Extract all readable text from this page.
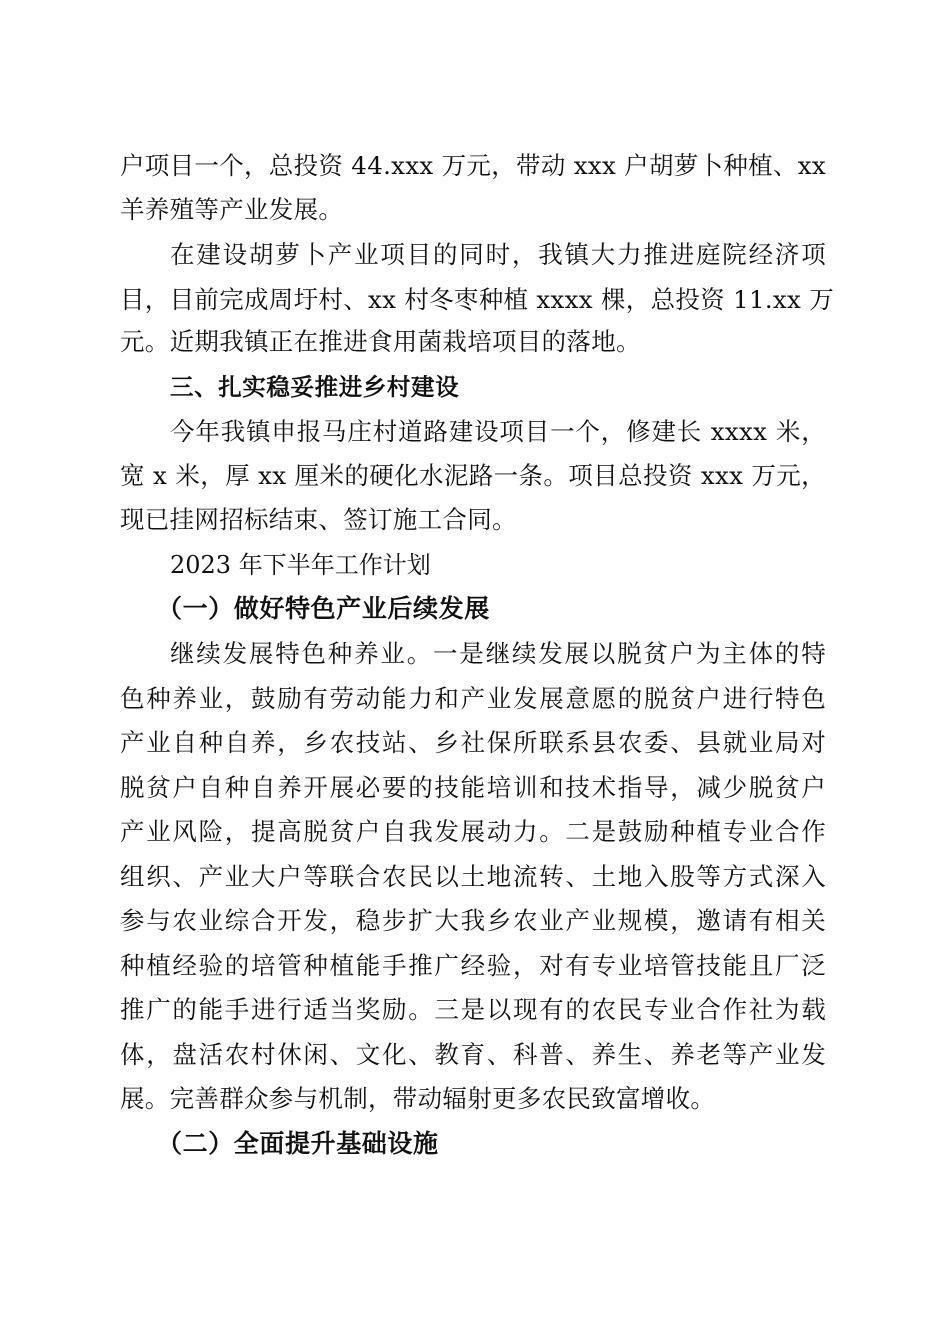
户项目一个，总投资 44.xxx 万元，带动 xxx 户胡萝卜种植、xx
羊养殖等产业发展。
在建设胡萝卜产业项目的同时，我镇大力推进庭院经济项
目，目前完成周圩村、xx 村冬枣种植 xxxx 棵，总投资 11.xx 万
元。近期我镇正在推进食用菌栽培项目的落地。
三、扎实稳妥推进乡村建设
今年我镇申报马庄村道路建设项目一个，修建长 xxxx 米，
宽 x 米，厚 xx 厘米的硬化水泥路一条。项目总投资 xxx 万元，
现已挂网招标结束、签订施工合同。
2023 年下半年工作计划
（一）做好特色产业后续发展
继续发展特色种养业。一是继续发展以脱贫户为主体的特
色种养业，鼓励有劳动能力和产业发展意愿的脱贫户进行特色
产业自种自养，乡农技站、乡社保所联系县农委、县就业局对
脱贫户自种自养开展必要的技能培训和技术指导，减少脱贫户
产业风险，提高脱贫户自我发展动力。二是鼓励种植专业合作
组织、产业大户等联合农民以土地流转、土地入股等方式深入
参与农业综合开发，稳步扩大我乡农业产业规模，邀请有相关
种植经验的培管种植能手推广经验，对有专业培管技能且厂泛
推广的能手进行适当奖励。三是以现有的农民专业合作社为载
体，盘活农村休闲、文化、教育、科普、养生、养老等产业发
展。完善群众参与机制，带动辐射更多农民致富增收。
（二）全面提升基础设施
